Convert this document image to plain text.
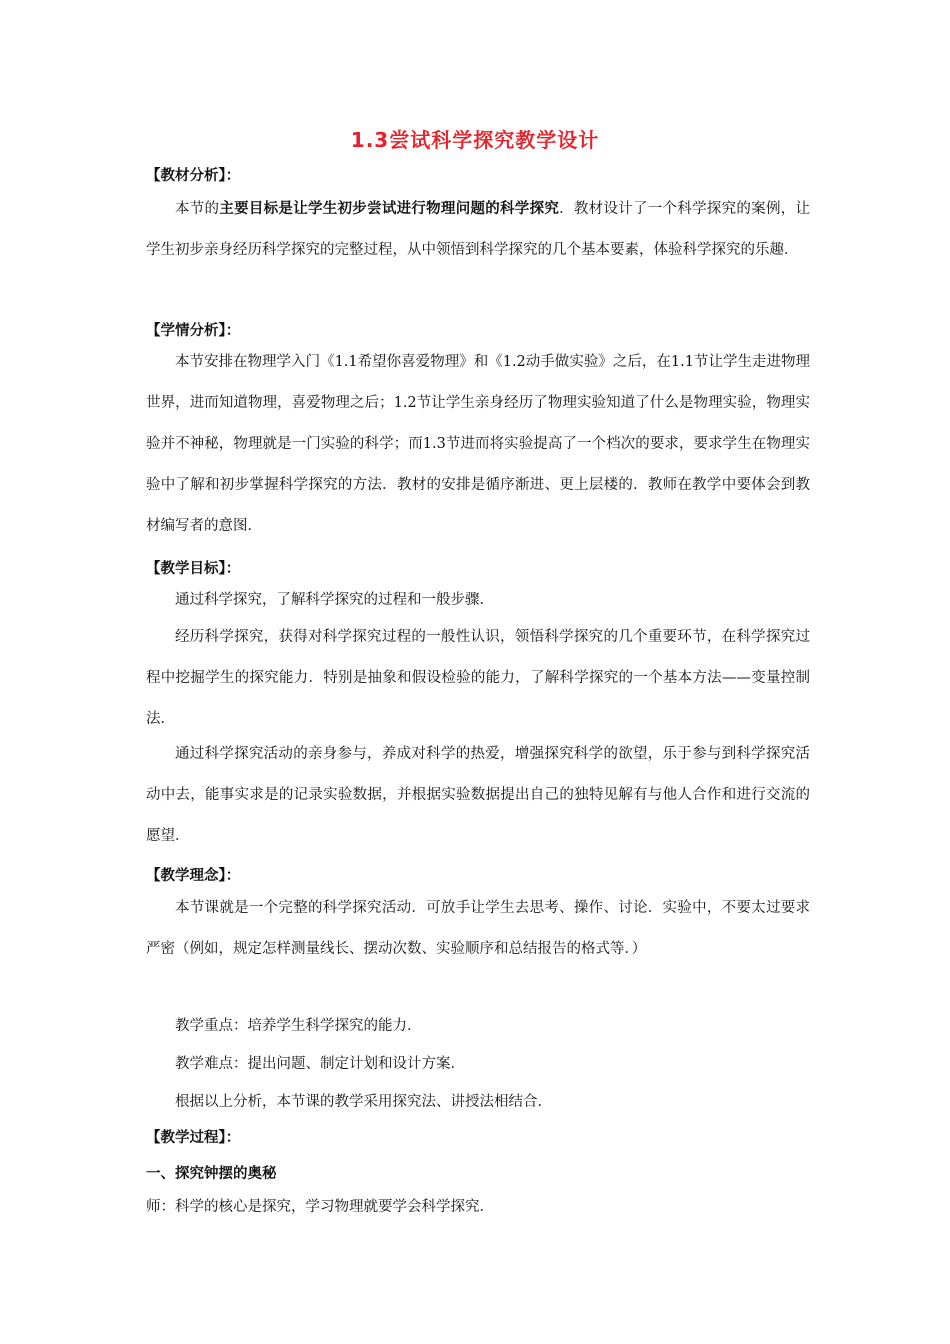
1.3尝试科学探究教学设计
【教材分析】：
本节的主要目标是让学生初步尝试进行物理问题的科学探究．教材设计了一个科学探究的案例，让学生初步亲身经历科学探究的完整过程，从中领悟到科学探究的几个基本要素，体验科学探究的乐趣．
【学情分析】：
本节安排在物理学入门《1.1希望你喜爱物理》和《1.2动手做实验》之后，在1.1节让学生走进物理世界，进而知道物理，喜爱物理之后；1.2节让学生亲身经历了物理实验知道了什么是物理实验，物理实验并不神秘，物理就是一门实验的科学；而1.3节进而将实验提高了一个档次的要求，要求学生在物理实验中了解和初步掌握科学探究的方法．教材的安排是循序渐进、更上层楼的．教师在教学中要体会到教材编写者的意图．
【教学目标】：
通过科学探究，了解科学探究的过程和一般步骤．
经历科学探究，获得对科学探究过程的一般性认识，领悟科学探究的几个重要环节，在科学探究过程中挖掘学生的探究能力．特别是抽象和假设检验的能力，了解科学探究的一个基本方法——变量控制法．
通过科学探究活动的亲身参与，养成对科学的热爱，增强探究科学的欲望，乐于参与到科学探究活动中去，能事实求是的记录实验数据，并根据实验数据提出自己的独特见解有与他人合作和进行交流的愿望．
【教学理念】：
本节课就是一个完整的科学探究活动．可放手让学生去思考、操作、讨论．实验中，不要太过要求严密（例如，规定怎样测量线长、摆动次数、实验顺序和总结报告的格式等．）
教学重点：培养学生科学探究的能力．
教学难点：提出问题、制定计划和设计方案．
根据以上分析，本节课的教学采用探究法、讲授法相结合．
【教学过程】：
一、探究钟摆的奥秘
师：科学的核心是探究，学习物理就要学会科学探究．
